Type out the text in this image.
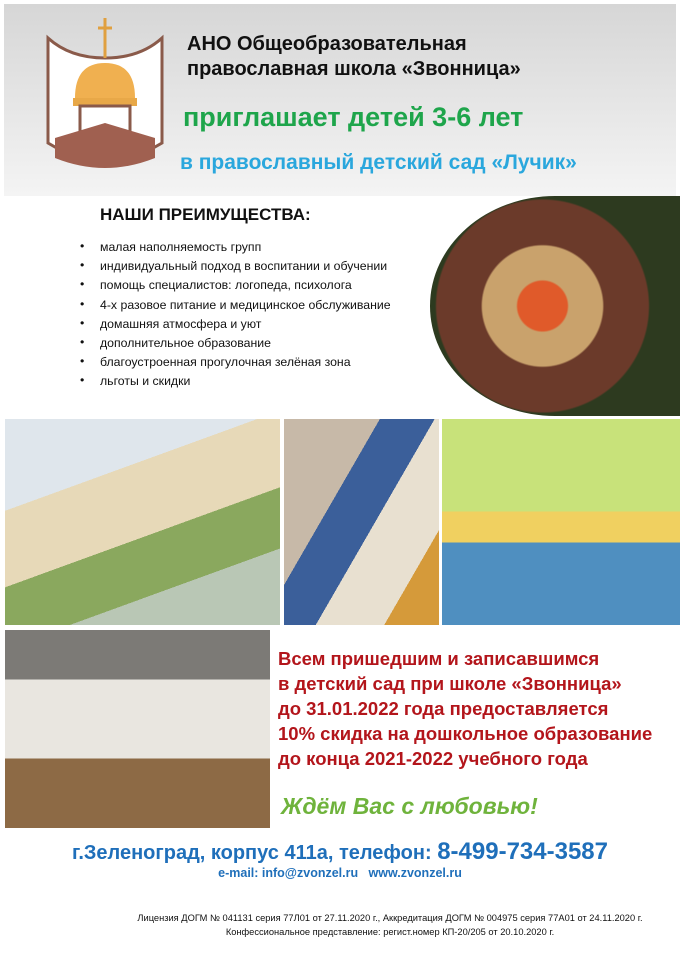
АНО Общеобразовательная
православная школа «Звонница»
приглашает детей 3-6 лет
в православный детский сад «Лучик»
НАШИ ПРЕИМУЩЕСТВА:
• малая наполняемость групп
• индивидуальный подход в воспитании и обучении
• помощь специалистов: логопеда, психолога
• 4-х разовое питание и медицинское обслуживание
• домашняя атмосфера и уют
• дополнительное образование
• благоустроенная прогулочная зелёная зона
• льготы и скидки
Всем пришедшим и записавшимся
в детский сад при школе «Звонница»
до 31.01.2022 года предоставляется
10% скидка на дошкольное образование
до конца 2021-2022 учебного года
Ждём Вас с любовью!
г.Зеленоград, корпус 411а, телефон: 8-499-734-3587
e-mail: info@zvonzel.ru www.zvonzel.ru
Лицензия ДОГМ № 041131 серия 77Л01 от 27.11.2020 г., Аккредитация ДОГМ № 004975 серия 77А01 от 24.11.2020 г.
Конфессиональное представление: регист.номер КП-20/205 от 20.10.2020 г.
